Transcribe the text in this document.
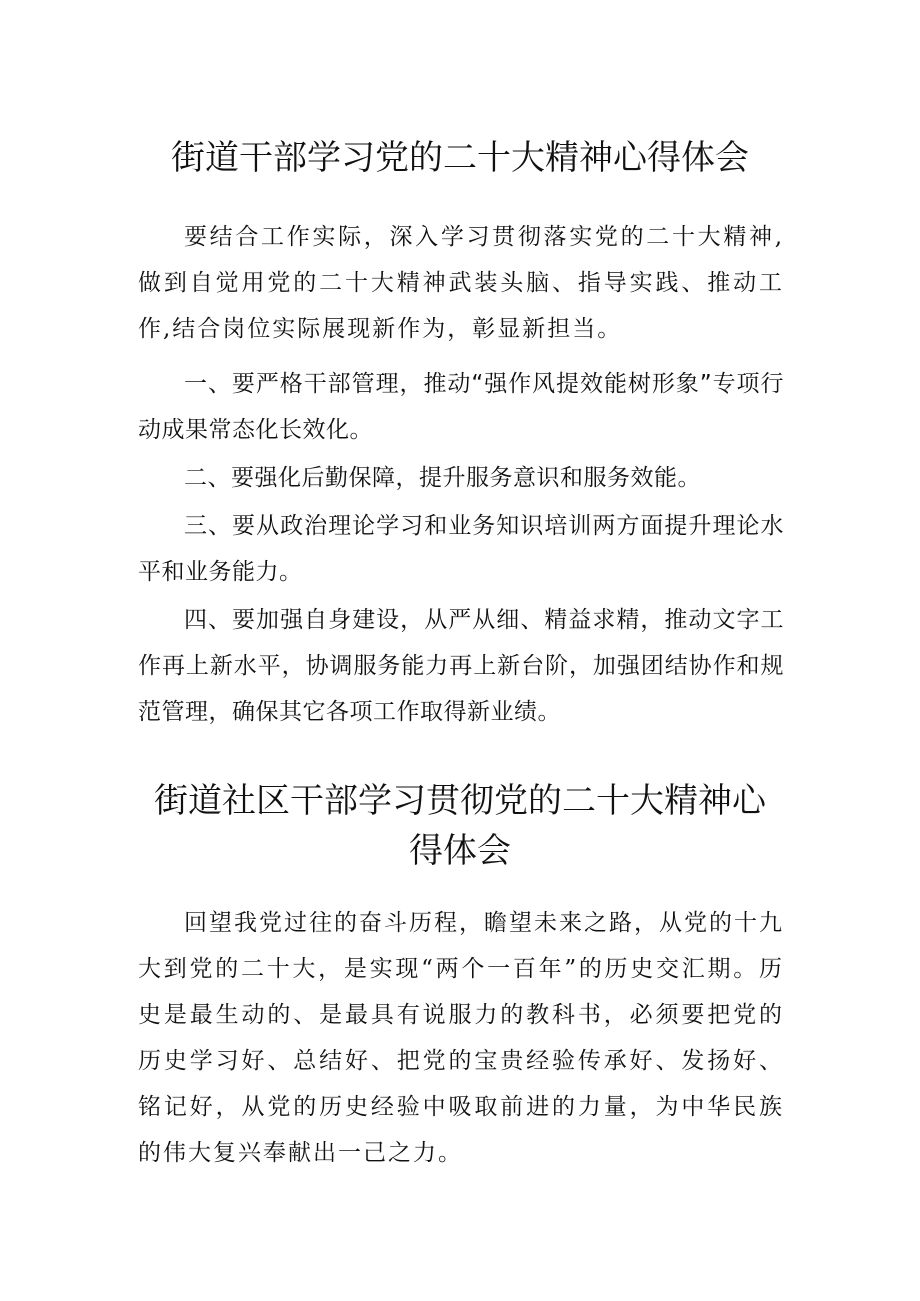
街道干部学习党的二十大精神心得体会

要结合工作实际，深入学习贯彻落实党的二十大精神,做到自觉用党的二十大精神武装头脑、指导实践、推动工作,结合岗位实际展现新作为，彰显新担当。

一、要严格干部管理，推动“强作风提效能树形象”专项行动成果常态化长效化。

二、要强化后勤保障，提升服务意识和服务效能。

三、要从政治理论学习和业务知识培训两方面提升理论水平和业务能力。

四、要加强自身建设，从严从细、精益求精，推动文字工作再上新水平，协调服务能力再上新台阶，加强团结协作和规范管理，确保其它各项工作取得新业绩。

街道社区干部学习贯彻党的二十大精神心
得体会

回望我党过往的奋斗历程，瞻望未来之路，从党的十九大到党的二十大，是实现“两个一百年”的历史交汇期。历史是最生动的、是最具有说服力的教科书，必须要把党的历史学习好、总结好、把党的宝贵经验传承好、发扬好、铭记好，从党的历史经验中吸取前进的力量，为中华民族的伟大复兴奉献出一己之力。
